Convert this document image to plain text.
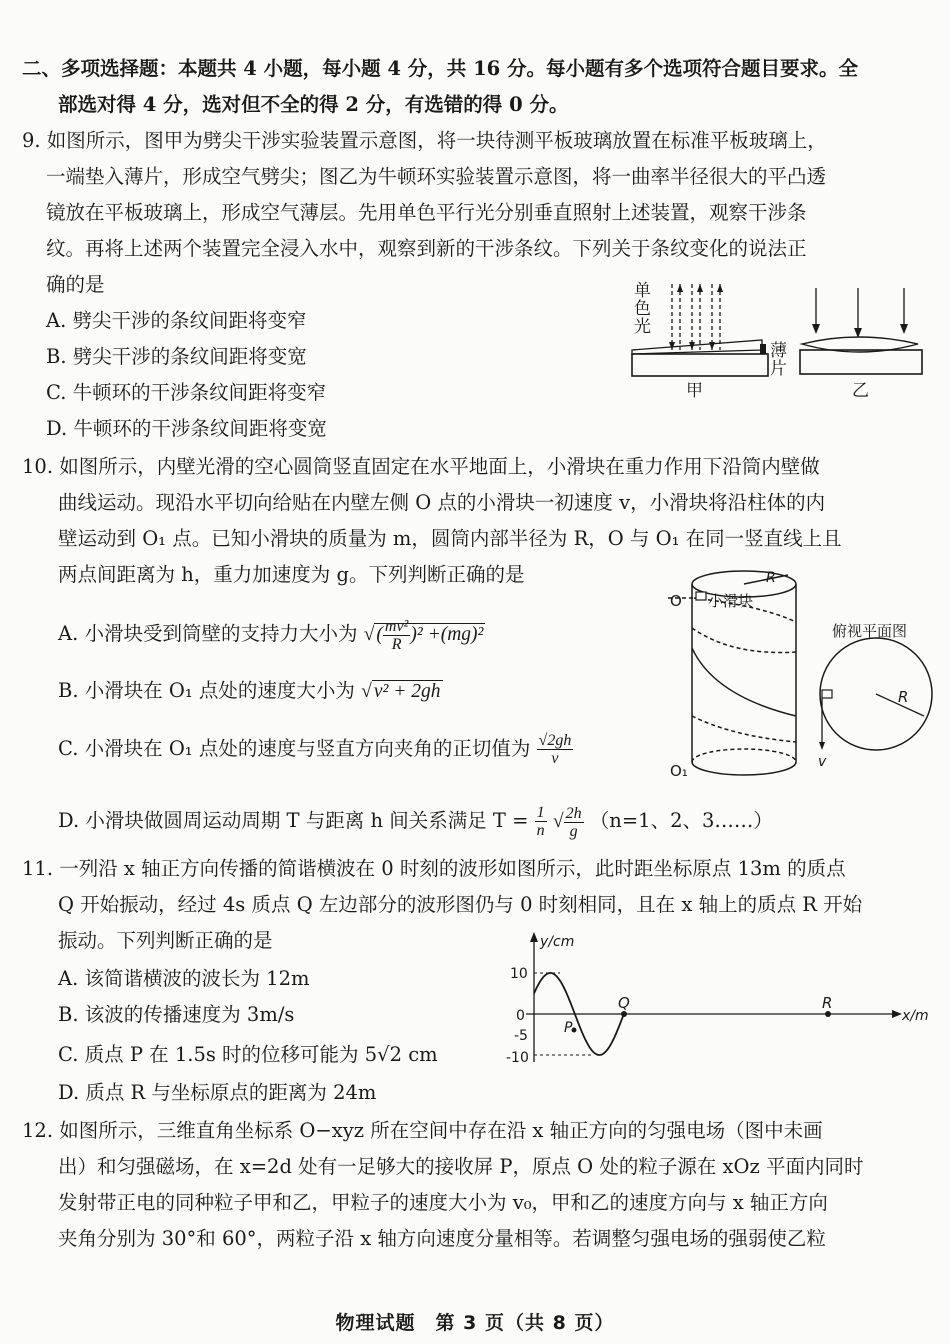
二、多项选择题：本题共 4 小题，每小题 4 分，共 16 分。每小题有多个选项符合题目要求。全
部选对得 4 分，选对但不全的得 2 分，有选错的得 0 分。
9. 如图所示，图甲为劈尖干涉实验装置示意图，将一块待测平板玻璃放置在标准平板玻璃上，
一端垫入薄片，形成空气劈尖；图乙为牛顿环实验装置示意图，将一曲率半径很大的平凸透
镜放在平板玻璃上，形成空气薄层。先用单色平行光分别垂直照射上述装置，观察干涉条
纹。再将上述两个装置完全浸入水中，观察到新的干涉条纹。下列关于条纹变化的说法正
确的是
A. 劈尖干涉的条纹间距将变窄
B. 劈尖干涉的条纹间距将变宽
C. 牛顿环的干涉条纹间距将变窄
D. 牛顿环的干涉条纹间距将变宽
单
色
光
薄
片
甲	乙
10. 如图所示，内壁光滑的空心圆筒竖直固定在水平地面上，小滑块在重力作用下沿筒内壁做
曲线运动。现沿水平切向给贴在内壁左侧 O 点的小滑块一初速度 v，小滑块将沿柱体的内
壁运动到 O₁ 点。已知小滑块的质量为 m，圆筒内部半径为 R，O 与 O₁ 在同一竖直线上且
两点间距离为 h，重力加速度为 g。下列判断正确的是
A. 小滑块受到筒壁的支持力大小为 √ ( $\frac{\text{mv²}}{R} )^2 +(mg)^2$
B. 小滑块在 O₁ 点处的速度大小为 √ v² + 2gh
C. 小滑块在 O₁ 点处的速度与竖直方向夹角的正切值为 $\frac{√2gh}{v}$
D. 小滑块做圆周运动周期 T 与距离 h 间关系满足 $T = \frac{1}{n}$ √ $\frac{2h}{g} (n=1$、2、3……）
O 小滑块
R
O₁
俯视平面图
R
v
11. 一列沿 x 轴正方向传播的简谐横波在 0 时刻的波形如图所示，此时距坐标原点 13m 的质点
Q 开始振动，经过 4s 质点 Q 左边部分的波形图仍与 0 时刻相同，且在 x 轴上的质点 R 开始
振动。下列判断正确的是
A. 该简谐横波的波长为 12m
B. 该波的传播速度为 3m/s
C. 质点 P 在 1.5s 时的位移可能为 5√2 cm
D. 质点 R 与坐标原点的距离为 24m
y/cm
x/m
10
0
-5
-10
Q	R
P
12. 如图所示，三维直角坐标系 O−xyz 所在空间中存在沿 x 轴正方向的匀强电场（图中未画
出）和匀强磁场，在 x=2d 处有一足够大的接收屏 P，原点 O 处的粒子源在 xOz 平面内同时
发射带正电的同种粒子甲和乙，甲粒子的速度大小为 v₀，甲和乙的速度方向与 x 轴正方向
夹角分别为 30°和 60°，两粒子沿 x 轴方向速度分量相等。若调整匀强电场的强弱使乙粒
物理试题　第 3 页（共 8 页）
